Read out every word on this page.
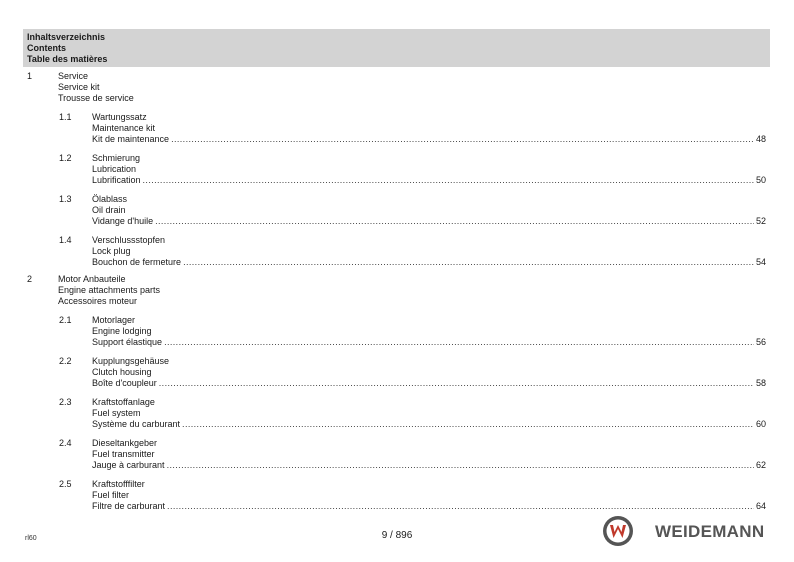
Inhaltsverzeichnis
Contents
Table des matières
1	Service
Service kit
Trousse de service
1.1 Wartungssatz
Maintenance kit
Kit de maintenance .....	48
1.2 Schmierung
Lubrication
Lubrification .....	50
1.3 Ölablass
Oil drain
Vidange d'huile .....	52
1.4 Verschlussstopfen
Lock plug
Bouchon de fermeture .....	54
2	Motor Anbauteile
Engine attachments parts
Accessoires moteur
2.1 Motorlager
Engine lodging
Support élastique .....	56
2.2 Kupplungsgehäuse
Clutch housing
Boîte d'coupleur .....	58
2.3 Kraftstoffanlage
Fuel system
Système du carburant .....	60
2.4 Dieseltankgeber
Fuel transmitter
Jauge à carburant .....	62
2.5 Kraftstofffilter
Fuel filter
Filtre de carburant .....	64
rl60	9 / 896	WEIDEMANN
